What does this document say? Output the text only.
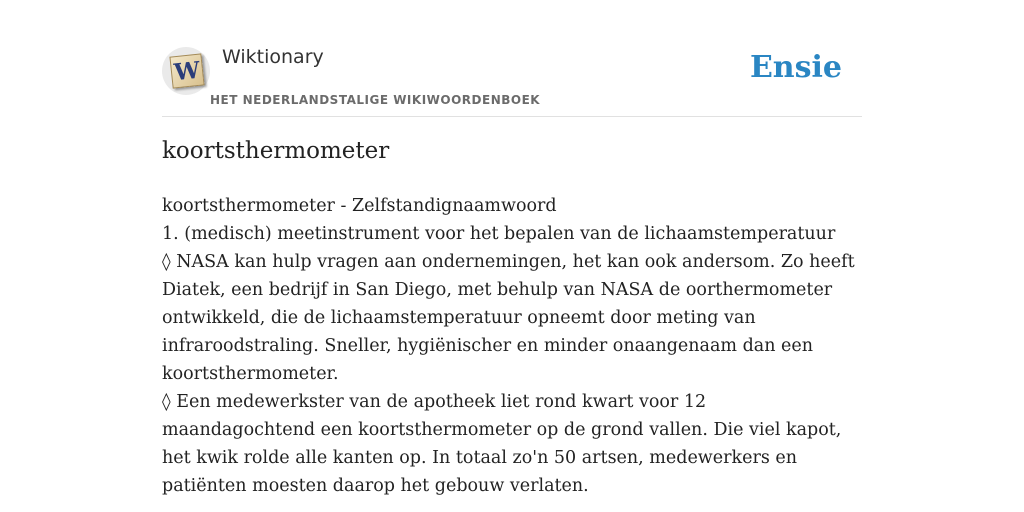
W Wiktionary
HET NEDERLANDSTALIGE WIKIWOORDENBOEK
Ensie
koortsthermometer

koortsthermometer - Zelfstandignaamwoord

1. (medisch) meetinstrument voor het bepalen van de lichaamstemperatuur

◊ NASA kan hulp vragen aan ondernemingen, het kan ook andersom. Zo heeft Diatek, een bedrijf in San Diego, met behulp van NASA de oorthermometer ontwikkeld, die de lichaamstemperatuur opneemt door meting van infraroodstraling. Sneller, hygiënischer en minder onaangenaam dan een koortsthermometer.

◊ Een medewerkster van de apotheek liet rond kwart voor 12 maandagochtend een koortsthermometer op de grond vallen. Die viel kapot, het kwik rolde alle kanten op. In totaal zo'n 50 artsen, medewerkers en patiënten moesten daarop het gebouw verlaten.
